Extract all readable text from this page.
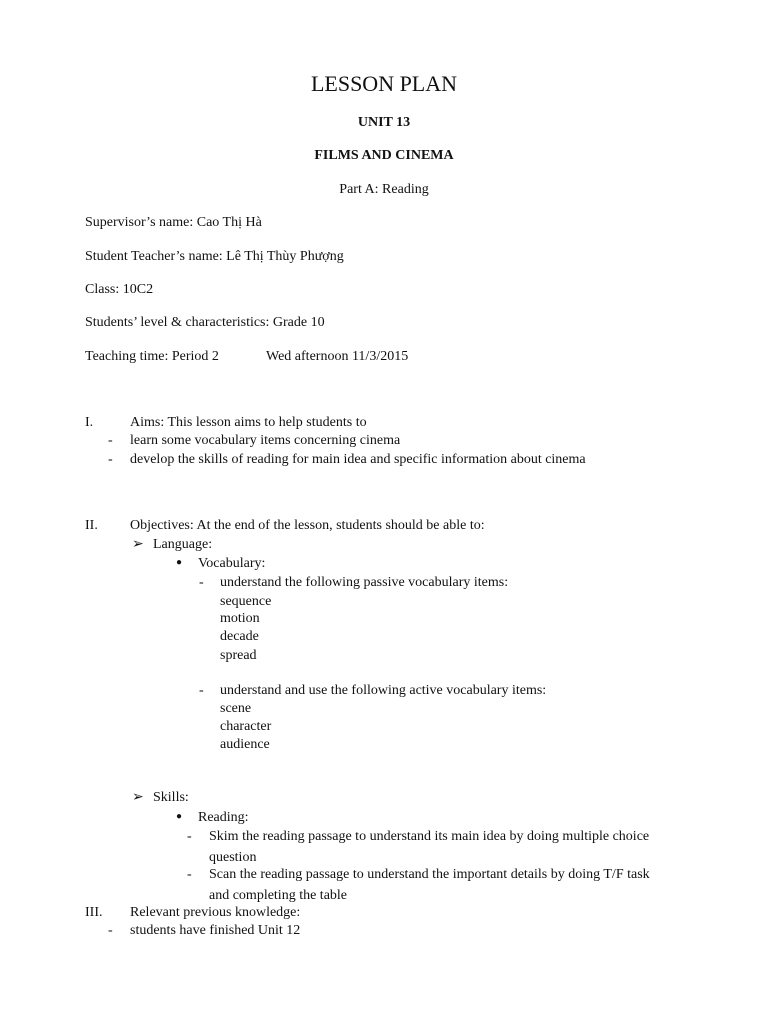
LESSON PLAN
UNIT 13
FILMS AND CINEMA
Part A: Reading
Supervisor’s name: Cao Thị Hà
Student Teacher’s name: Lê Thị Thùy Phượng
Class: 10C2
Students’ level & characteristics: Grade 10
Teaching time: Period 2	Wed afternoon 11/3/2015
I.	Aims: This lesson aims to help students to
- learn some vocabulary items concerning cinema
- develop the skills of reading for main idea and specific information about cinema
II. Objectives: At the end of the lesson, students should be able to:
➢ Language:
● Vocabulary:
- understand the following passive vocabulary items:
sequence
motion
decade
spread
- understand and use the following active vocabulary items:
scene
character
audience
➢ Skills:
● Reading:
- Skim the reading passage to understand its main idea by doing multiple choice
question
- Scan the reading passage to understand the important details by doing T/F task
and completing the table
III. Relevant previous knowledge:
- students have finished Unit 12
